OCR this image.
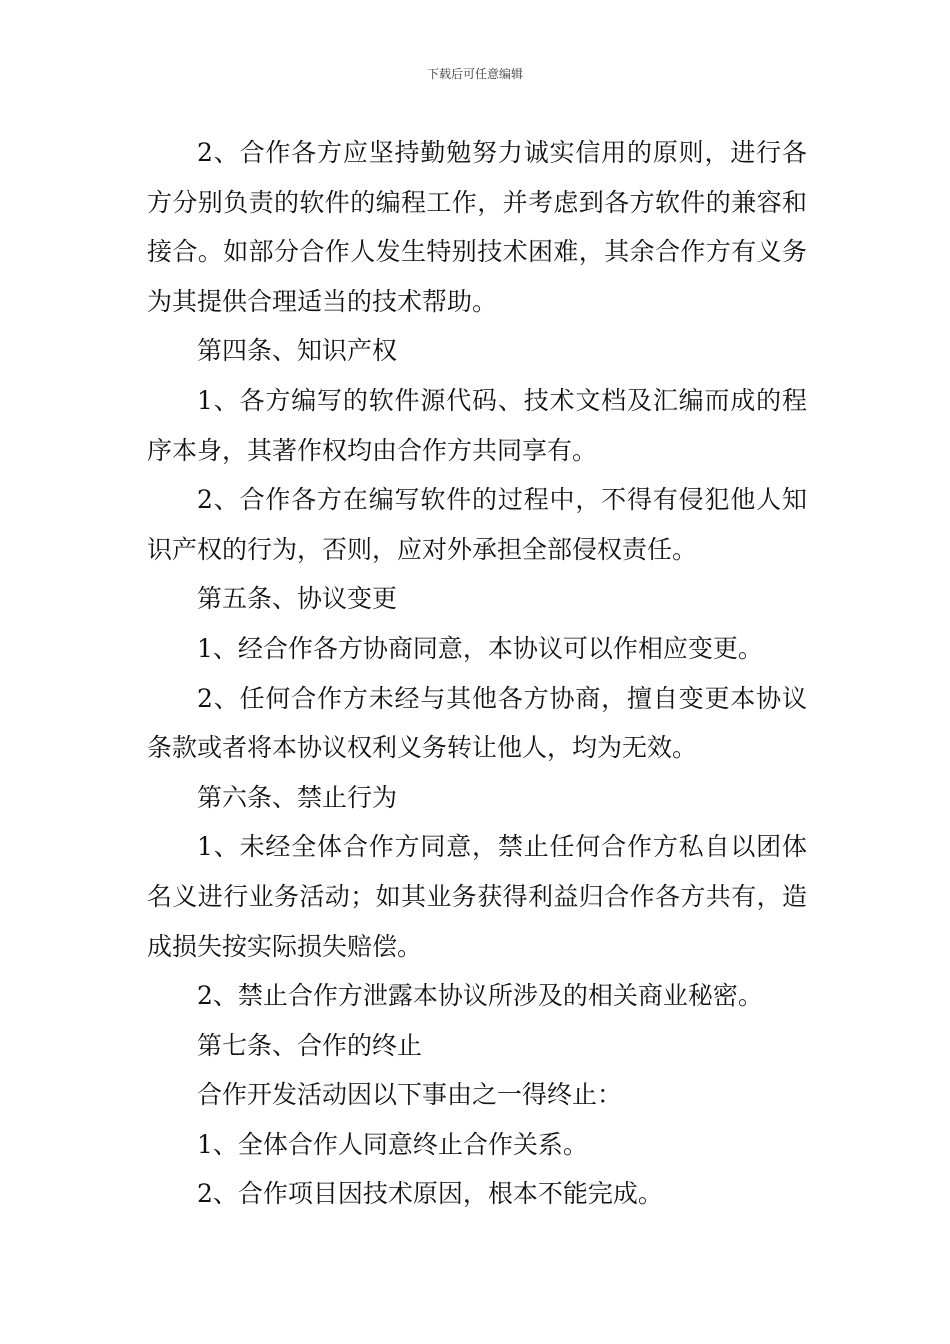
下载后可任意编辑

2、合作各方应坚持勤勉努力诚实信用的原则，进行各方分别负责的软件的编程工作，并考虑到各方软件的兼容和接合。如部分合作人发生特别技术困难，其余合作方有义务为其提供合理适当的技术帮助。

第四条、知识产权

1、各方编写的软件源代码、技术文档及汇编而成的程序本身，其著作权均由合作方共同享有。

2、合作各方在编写软件的过程中，不得有侵犯他人知识产权的行为，否则，应对外承担全部侵权责任。

第五条、协议变更

1、经合作各方协商同意，本协议可以作相应变更。

2、任何合作方未经与其他各方协商，擅自变更本协议条款或者将本协议权利义务转让他人，均为无效。

第六条、禁止行为

1、未经全体合作方同意，禁止任何合作方私自以团体名义进行业务活动；如其业务获得利益归合作各方共有，造成损失按实际损失赔偿。

2、禁止合作方泄露本协议所涉及的相关商业秘密。

第七条、合作的终止

合作开发活动因以下事由之一得终止：

1、全体合作人同意终止合作关系。

2、合作项目因技术原因，根本不能完成。
